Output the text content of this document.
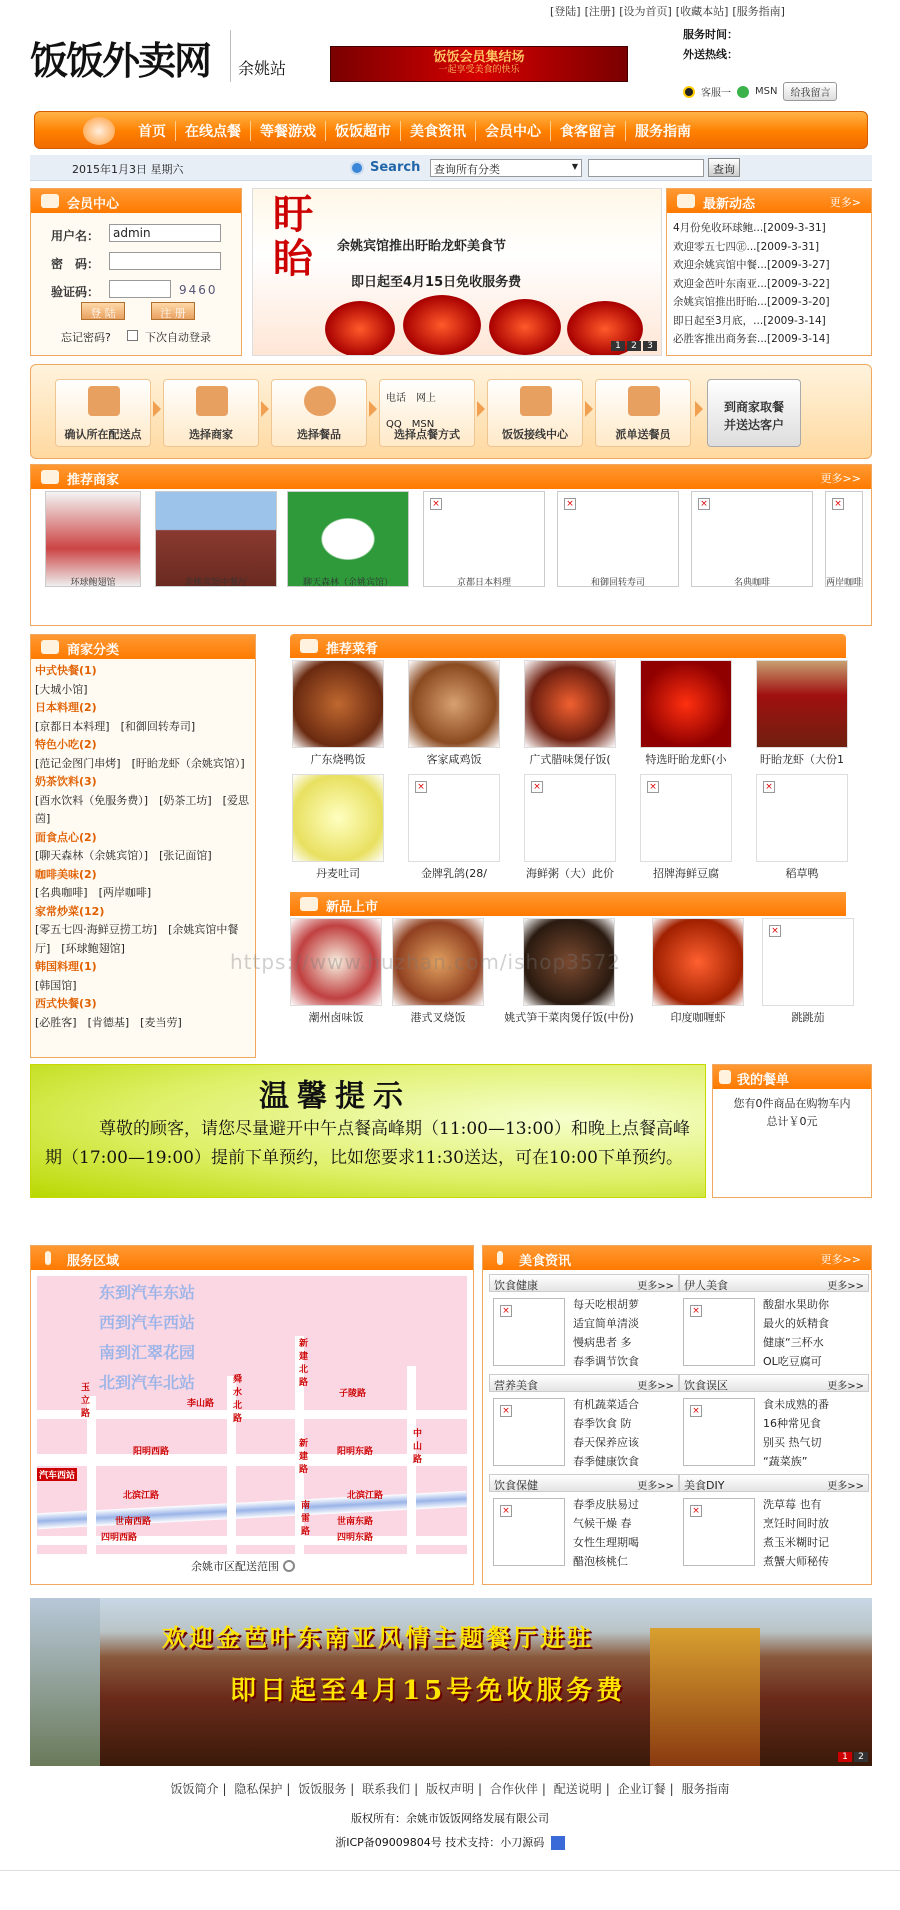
[登陆] [注册] [设为首页] [收藏本站] [服务指南]
饭饭外卖网 余姚站
饭饭会员集结场
一起享受美食的快乐
服务时间：
外送热线：
客服一 MSN	给我留言
首页	在线点餐	等餐游戏	饭饭超市	美食资讯	会员中心	食客留言	服务指南
2015年1月3日 星期六	Search	查询所有分类 ▼	查询
会员中心
用户名：	admin
密　码：
验证码：	9460
登 陆	注 册
忘记密码?	下次自动登录
盱眙	余姚宾馆推出盱眙龙虾美食节
即日起至4月15日免收服务费
1	2	3
最新动态	更多>
4月份免收环球鲍...[2009-3-31]
欢迎零五七四㊣...[2009-3-31]
欢迎余姚宾馆中餐...[2009-3-27]
欢迎金芭叶东南亚...[2009-3-22]
余姚宾馆推出盱眙...[2009-3-20]
即日起至3月底，...[2009-3-14]
必胜客推出商务套...[2009-3-14]
确认所在配送点	选择商家	选择餐品
电话　 网上
QQ　 MSN
选择点餐方式	饭饭接线中心	派单送餐员
到商家取餐
并送达客户
推荐商家	更多>>
环球鲍翅馆	余姚宾馆中餐厅	聊天森林（余姚宾馆）
×
京都日本料理
×
和御回转寿司
×
名典咖啡
×
两岸咖啡
商家分类
中式快餐(1)
[大城小馆]
日本料理(2)
[京都日本料理]　[和御回转寿司]
特色小吃(2)
[范记金图门串烤]　[盱眙龙虾（余姚宾馆）]
奶茶饮料(3)
[酉水饮料（免服务费）]　[奶茶工坊]　[爱思茵]
面食点心(2)
[聊天森林（余姚宾馆）]　[张记面馆]
咖啡美味(2)
[名典咖啡]　[两岸咖啡]
家常炒菜(12)
[零五七四·海鲜豆捞工坊]　[余姚宾馆中餐厅]　[环球鲍翅馆]
韩国料理(1)
[韩国馆]
西式快餐(3)
[必胜客]　[肯德基]　[麦当劳]
推荐菜肴
广东烧鸭饭	客家咸鸡饭	广式腊味煲仔饭(	特选盱眙龙虾(小	盱眙龙虾（大份1
丹麦吐司
×
金牌乳鸽(28/
×
海鲜粥（大）此价
×
招牌海鲜豆腐
×
稻草鸭
新品上市
潮州卤味饭	港式叉烧饭	姚式笋干菜肉煲仔饭(中份)	印度咖喱虾
×
跳跳茄
https://www.huzhan.com/ishop3572
温馨提示
尊敬的顾客，请您尽量避开中午点餐高峰期（11:00—13:00）和晚上点餐高峰期（17:00—19:00）提前下单预约，比如您要求11:30送达，可在10:00下单预约。
我的餐单
您有0件商品在购物车内
总计￥0元
服务区域
东到汽车东站
西到汽车西站
南到汇翠花园
北到汽车北站
玉立路
舜水北路
新建北路
子陵路
阳明西路
新建路
阳明东路
中山路
北滨江路	北滨江路
南雷路
世南西路	世南东路
四明西路	四明东路
李山路
汽车西站
余姚市区配送范围
美食资讯	更多>>
饮食健康	更多>>
×	每天吃根胡萝
适宜简单清淡
慢病患者 多
春季调节饮食
伊人美食	更多>>
×	酸甜水果助你
最火的妖精食
健康“三杯水
OL吃豆腐可
营养美食	更多>>
×	有机蔬菜适合
春季饮食 防
春天保养应该
春季健康饮食
饮食误区	更多>>
×	食未成熟的番
16种常见食
别买 热气切
“蔬菜族”
饮食保健	更多>>
×	春季皮肤易过
气候干燥 春
女性生理期喝
醋泡核桃仁
美食DIY	更多>>
×	洗草莓 也有
烹饪时间时放
煮玉米糊时记
煮蟹大师秘传
欢迎金芭叶东南亚风情主题餐厅进驻
即日起至4月15号免收服务费
1	2
饭饭简介 | 隐私保护 | 饭饭服务 | 联系我们 | 版权声明 | 合作伙伴 | 配送说明 | 企业订餐 | 服务指南
版权所有：余姚市饭饭网络发展有限公司
浙ICP备09009804号 技术支持：小刀源码
